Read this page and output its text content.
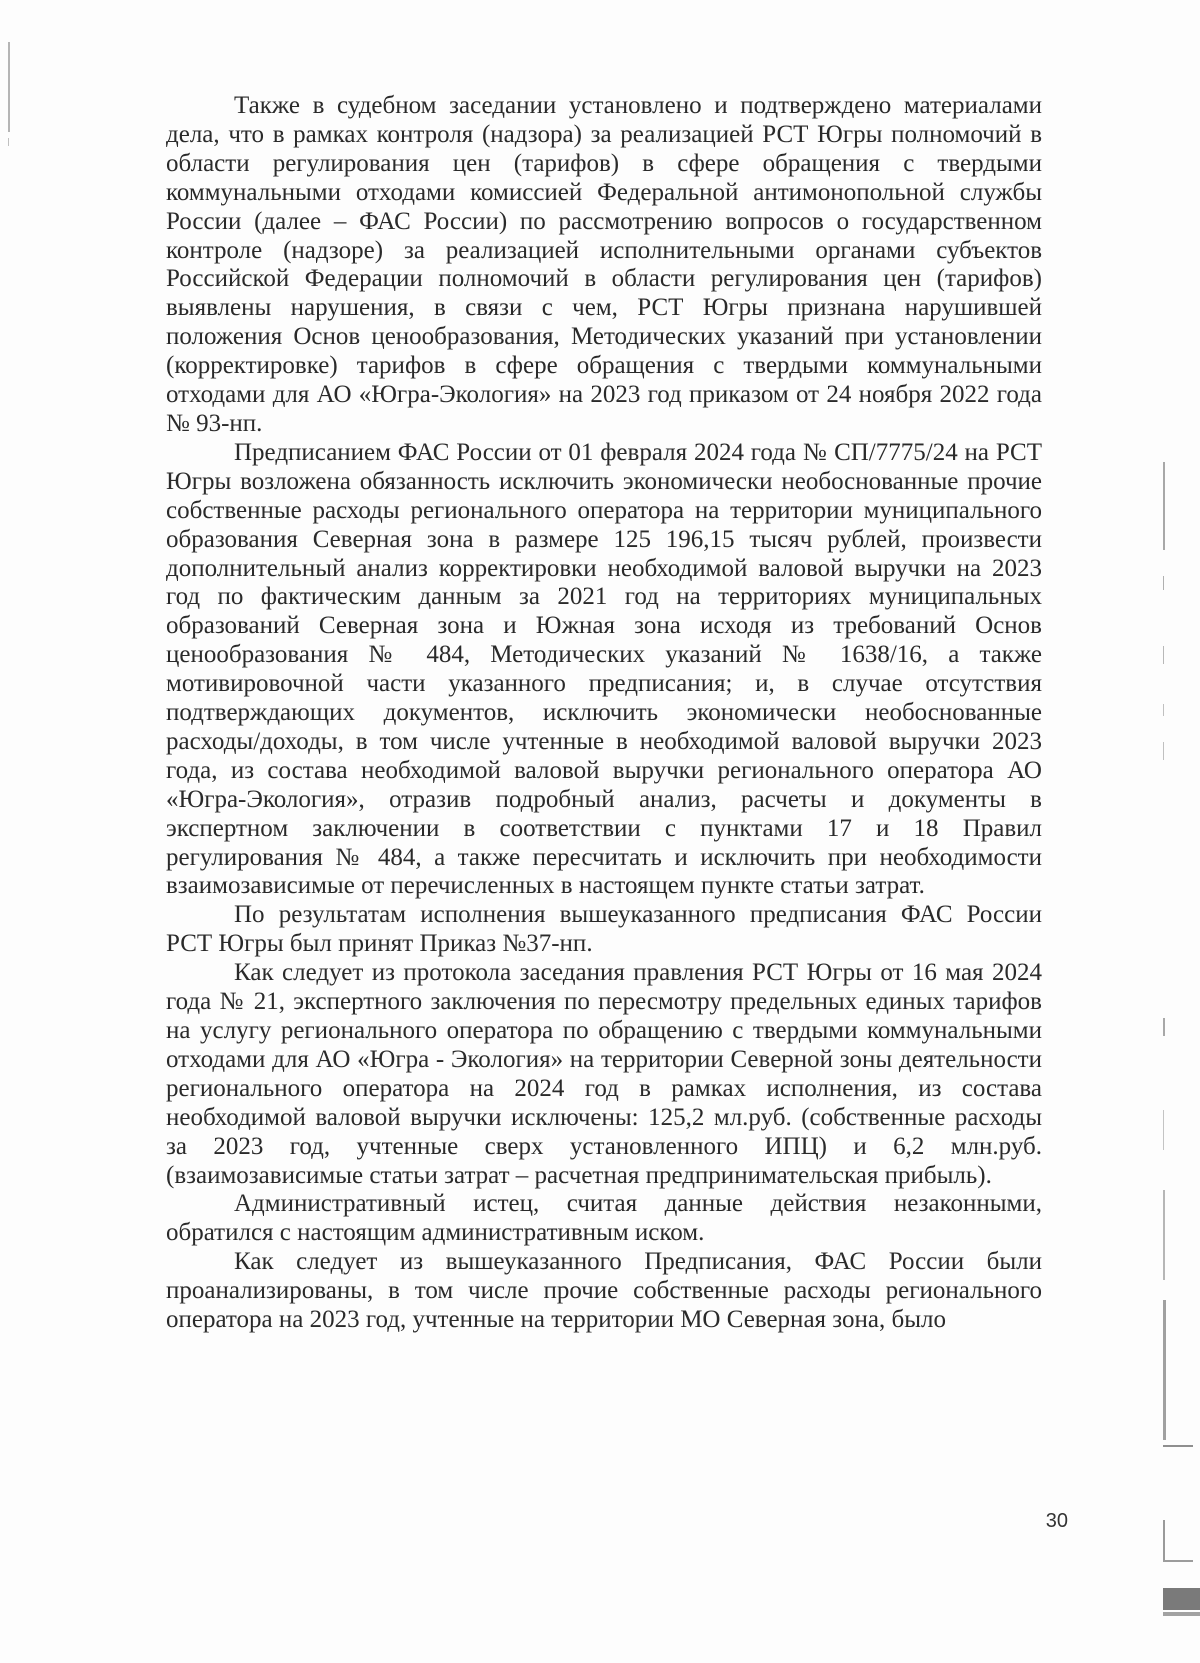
Также в судебном заседании установлено и подтверждено материалами дела, что в рамках контроля (надзора) за реализацией РСТ Югры полномочий в области регулирования цен (тарифов) в сфере обращения с твердыми коммунальными отходами комиссией Федеральной антимонопольной службы России (далее – ФАС России) по рассмотрению вопросов о государственном контроле (надзоре) за реализацией исполнительными органами субъектов Российской Федерации полномочий в области регулирования цен (тарифов) выявлены нарушения, в связи с чем, РСТ Югры признана нарушившей положения Основ ценообразования, Методических указаний при установлении (корректировке) тарифов в сфере обращения с твердыми коммунальными отходами для АО «Югра-Экология» на 2023 год приказом от 24 ноября 2022 года № 93-нп.

Предписанием ФАС России от 01 февраля 2024 года № СП/7775/24 на РСТ Югры возложена обязанность исключить экономически необоснованные прочие собственные расходы регионального оператора на территории муниципального образования Северная зона в размере 125 196,15 тысяч рублей, произвести дополнительный анализ корректировки необходимой валовой выручки на 2023 год по фактическим данным за 2021 год на территориях муниципальных образований Северная зона и Южная зона исходя из требований Основ ценообразования № 484, Методических указаний № 1638/16, а также мотивировочной части указанного предписания; и, в случае отсутствия подтверждающих документов, исключить экономически необоснованные расходы/доходы, в том числе учтенные в необходимой валовой выручки 2023 года, из состава необходимой валовой выручки регионального оператора АО «Югра-Экология», отразив подробный анализ, расчеты и документы в экспертном заключении в соответствии с пунктами 17 и 18 Правил регулирования № 484, а также пересчитать и исключить при необходимости взаимозависимые от перечисленных в настоящем пункте статьи затрат.

По результатам исполнения вышеуказанного предписания ФАС России РСТ Югры был принят Приказ №37-нп.

Как следует из протокола заседания правления РСТ Югры от 16 мая 2024 года № 21, экспертного заключения по пересмотру предельных единых тарифов на услугу регионального оператора по обращению с твердыми коммунальными отходами для АО «Югра - Экология» на территории Северной зоны деятельности регионального оператора на 2024 год в рамках исполнения, из состава необходимой валовой выручки исключены: 125,2 мл.руб. (собственные расходы за 2023 год, учтенные сверх установленного ИПЦ) и 6,2 млн.руб. (взаимозависимые статьи затрат – расчетная предпринимательская прибыль).

Административный истец, считая данные действия незаконными, обратился с настоящим административным иском.

Как следует из вышеуказанного Предписания, ФАС России были проанализированы, в том числе прочие собственные расходы регионального оператора на 2023 год, учтенные на территории МО Северная зона, было

30
